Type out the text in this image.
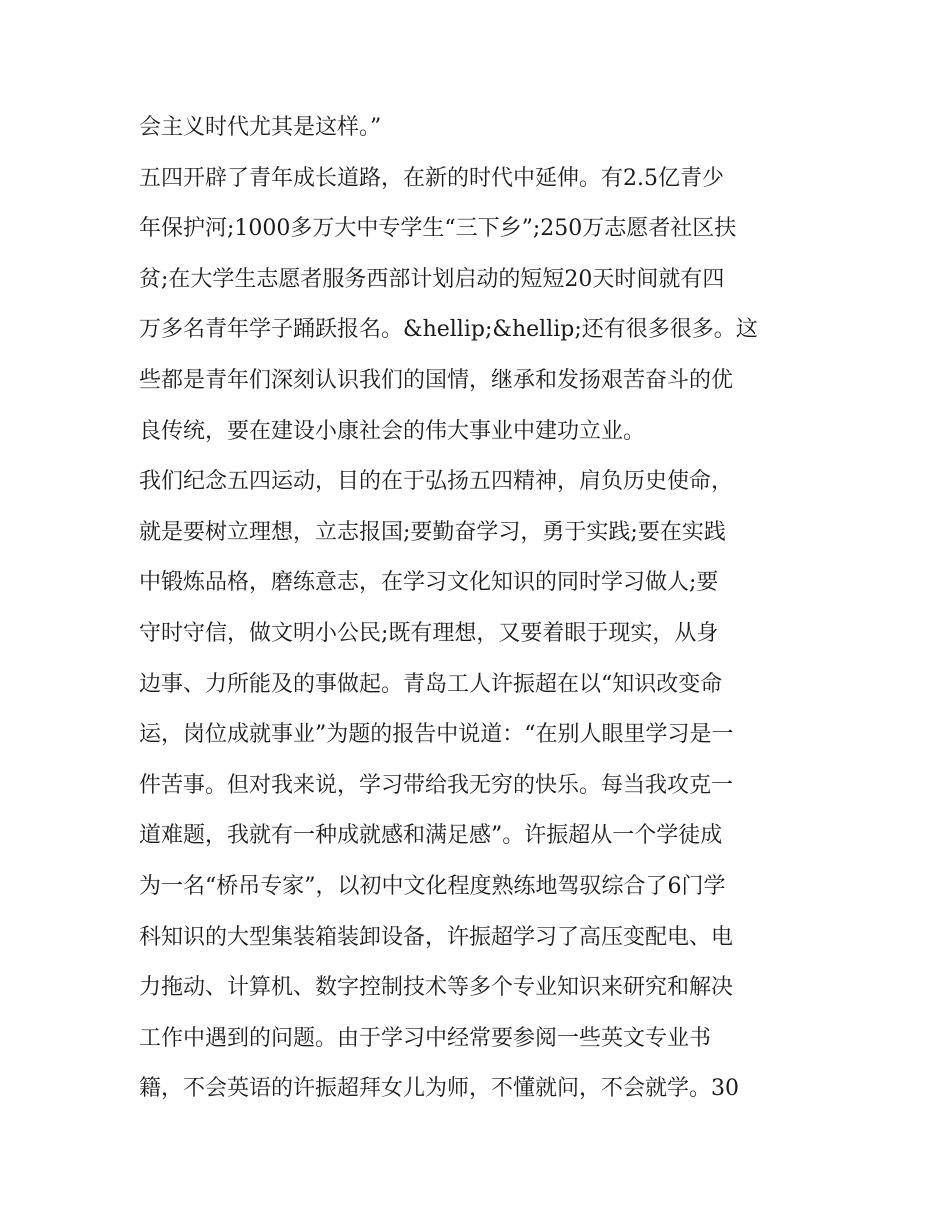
会主义时代尤其是这样。”
五四开辟了青年成长道路，在新的时代中延伸。有2.5亿青少
年保护河;1000多万大中专学生“三下乡”;250万志愿者社区扶
贫;在大学生志愿者服务西部计划启动的短短20天时间就有四
万多名青年学子踊跃报名。&hellip;&hellip;还有很多很多。这
些都是青年们深刻认识我们的国情，继承和发扬艰苦奋斗的优
良传统，要在建设小康社会的伟大事业中建功立业。
我们纪念五四运动，目的在于弘扬五四精神，肩负历史使命，
就是要树立理想，立志报国;要勤奋学习，勇于实践;要在实践
中锻炼品格，磨练意志，在学习文化知识的同时学习做人;要
守时守信，做文明小公民;既有理想，又要着眼于现实，从身
边事、力所能及的事做起。青岛工人许振超在以“知识改变命
运，岗位成就事业”为题的报告中说道：“在别人眼里学习是一
件苦事。但对我来说，学习带给我无穷的快乐。每当我攻克一
道难题，我就有一种成就感和满足感”。许振超从一个学徒成
为一名“桥吊专家”，以初中文化程度熟练地驾驭综合了6门学
科知识的大型集装箱装卸设备，许振超学习了高压变配电、电
力拖动、计算机、数字控制技术等多个专业知识来研究和解决
工作中遇到的问题。由于学习中经常要参阅一些英文专业书
籍，不会英语的许振超拜女儿为师，不懂就问，不会就学。30
